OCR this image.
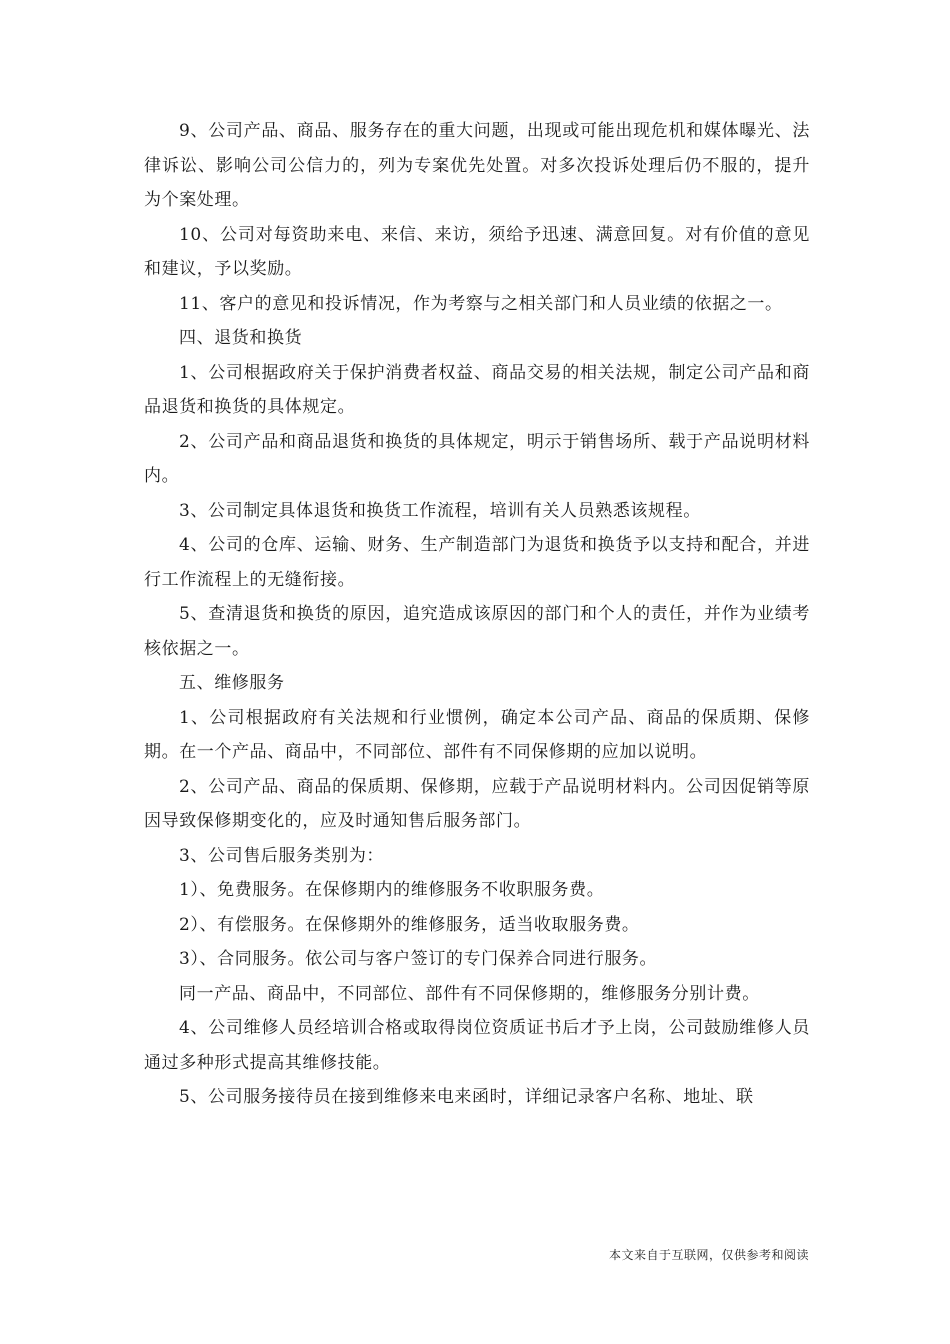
9、公司产品、商品、服务存在的重大问题，出现或可能出现危机和媒体曝光、法律诉讼、影响公司公信力的，列为专案优先处置。对多次投诉处理后仍不服的，提升为个案处理。

10、公司对每资助来电、来信、来访，须给予迅速、满意回复。对有价值的意见和建议，予以奖励。

11、客户的意见和投诉情况，作为考察与之相关部门和人员业绩的依据之一。

四、退货和换货

1、公司根据政府关于保护消费者权益、商品交易的相关法规，制定公司产品和商品退货和换货的具体规定。

2、公司产品和商品退货和换货的具体规定，明示于销售场所、载于产品说明材料内。

3、公司制定具体退货和换货工作流程，培训有关人员熟悉该规程。

4、公司的仓库、运输、财务、生产制造部门为退货和换货予以支持和配合，并进行工作流程上的无缝衔接。

5、查清退货和换货的原因，追究造成该原因的部门和个人的责任，并作为业绩考核依据之一。

五、维修服务

1、公司根据政府有关法规和行业惯例，确定本公司产品、商品的保质期、保修期。在一个产品、商品中，不同部位、部件有不同保修期的应加以说明。

2、公司产品、商品的保质期、保修期，应载于产品说明材料内。公司因促销等原因导致保修期变化的，应及时通知售后服务部门。

3、公司售后服务类别为：

1）、免费服务。在保修期内的维修服务不收职服务费。

2）、有偿服务。在保修期外的维修服务，适当收取服务费。

3）、合同服务。依公司与客户签订的专门保养合同进行服务。

同一产品、商品中，不同部位、部件有不同保修期的，维修服务分别计费。

4、公司维修人员经培训合格或取得岗位资质证书后才予上岗，公司鼓励维修人员通过多种形式提高其维修技能。

5、公司服务接待员在接到维修来电来函时，详细记录客户名称、地址、联

本文来自于互联网，仅供参考和阅读
